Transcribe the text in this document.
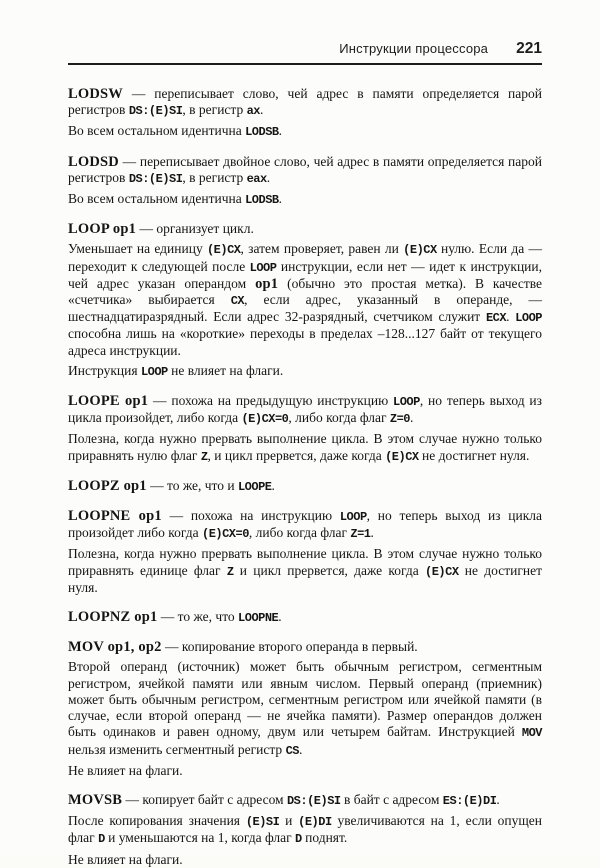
Инструкции процессора 221

LODSW — переписывает слово, чей адрес в памяти определяется парой регистров DS:(E)SI, в регистр ax.

Во всем остальном идентична LODSB.

LODSD — переписывает двойное слово, чей адрес в памяти определяется парой регистров DS:(E)SI, в регистр eax.

Во всем остальном идентична LODSB.

LOOP op1 — организует цикл.

Уменьшает на единицу (E)CX, затем проверяет, равен ли (E)CX нулю. Если да — переходит к следующей после LOOP инструкции, если нет — идет к инструкции, чей адрес указан операндом op1 (обычно это простая метка). В качестве «счетчика» выбирается CX, если адрес, указанный в операнде, — шестнадцатиразрядный. Если адрес 32-разрядный, счетчиком служит ECX. LOOP способна лишь на «короткие» переходы в пределах –128...127 байт от текущего адреса инструкции.

Инструкция LOOP не влияет на флаги.

LOOPE op1 — похожа на предыдущую инструкцию LOOP, но теперь выход из цикла произойдет, либо когда (E)CX=0, либо когда флаг Z=0.

Полезна, когда нужно прервать выполнение цикла. В этом случае нужно только приравнять нулю флаг Z, и цикл прервется, даже когда (E)CX не достигнет нуля.

LOOPZ op1 — то же, что и LOOPE.

LOOPNE op1 — похожа на инструкцию LOOP, но теперь выход из цикла произойдет либо когда (E)CX=0, либо когда флаг Z=1.

Полезна, когда нужно прервать выполнение цикла. В этом случае нужно только приравнять единице флаг Z и цикл прервется, даже когда (E)CX не достигнет нуля.

LOOPNZ op1 — то же, что LOOPNE.

MOV op1, op2 — копирование второго операнда в первый.

Второй операнд (источник) может быть обычным регистром, сегментным регистром, ячейкой памяти или явным числом. Первый операнд (приемник) может быть обычным регистром, сегментным регистром или ячейкой памяти (в случае, если второй операнд — не ячейка памяти). Размер операндов должен быть одинаков и равен одному, двум или четырем байтам. Инструкцией MOV нельзя изменить сегментный регистр CS.

Не влияет на флаги.

MOVSB — копирует байт с адресом DS:(E)SI в байт с адресом ES:(E)DI.

После копирования значения (E)SI и (E)DI увеличиваются на 1, если опущен флаг D и уменьшаются на 1, когда флаг D поднят.

Не влияет на флаги.
